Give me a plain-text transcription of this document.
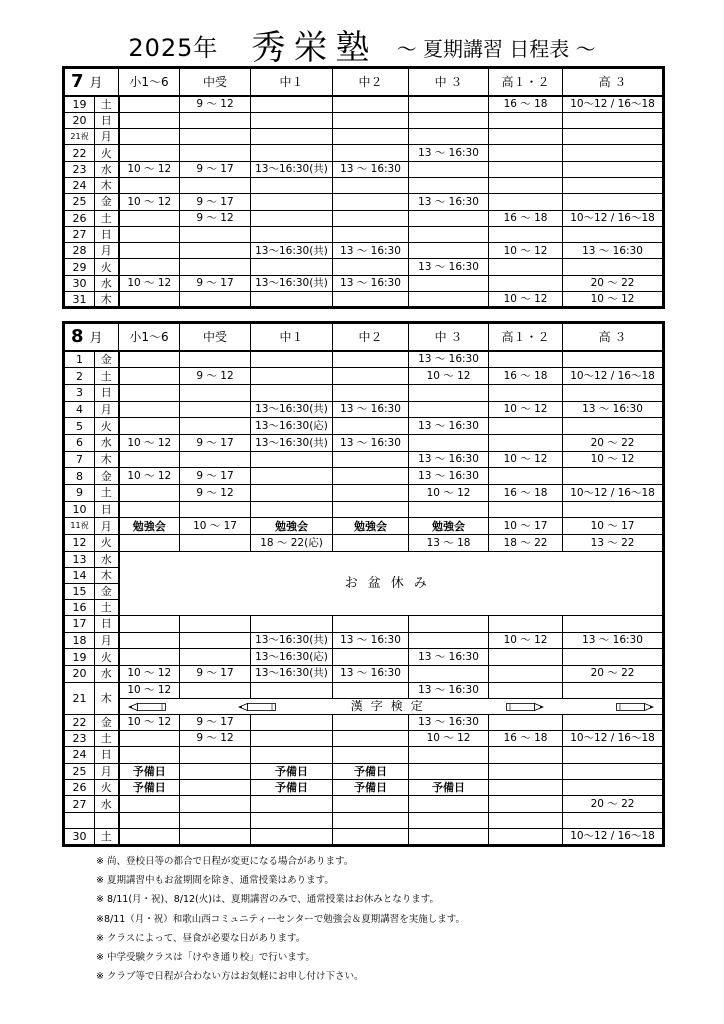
2025年 秀栄塾 ～ 夏期講習 日程表 ～
7 月		小1～6	中受	中１	中２	中 ３	高１・２	高 ３
19	土		9 ～ 12				16 ～ 18	10～12 / 16～18
20	日							
21祝	月							
22	火					13 ～ 16:30		
23	水	10 ～ 12	9 ～ 17	13～16:30(共)	13 ～ 16:30			
24	木							
25	金	10 ～ 12	9 ～ 17			13 ～ 16:30		
26	土		9 ～ 12				16 ～ 18	10～12 / 16～18
27	日							
28	月			13～16:30(共)	13 ～ 16:30		10 ～ 12	13 ～ 16:30
29	火					13 ～ 16:30		
30	水	10 ～ 12	9 ～ 17	13～16:30(共)	13 ～ 16:30			20 ～ 22
31	木						10 ～ 12	10 ～ 12
8 月		小1～6	中受	中１	中２	中 ３	高１・２	高 ３
1	金					13 ～ 16:30		
2	土		9 ～ 12			10 ～ 12	16 ～ 18	10～12 / 16～18
3	日							
4	月			13～16:30(共)	13 ～ 16:30		10 ～ 12	13 ～ 16:30
5	火			13～16:30(応)		13 ～ 16:30		
6	水	10 ～ 12	9 ～ 17	13～16:30(共)	13 ～ 16:30			20 ～ 22
7	木					13 ～ 16:30	10 ～ 12	10 ～ 12
8	金	10 ～ 12	9 ～ 17			13 ～ 16:30		
9	土		9 ～ 12			10 ～ 12	16 ～ 18	10～12 / 16～18
10	日							
11祝	月	勉強会	10 ～ 17	勉強会	勉強会	勉強会	10 ～ 17	10 ～ 17
12	火			18 ～ 22(応)		13 ～ 18	18 ～ 22	13 ～ 22
13	水	お盆休み						
14	木							
15	金							
16	土							
17	日							
18	月			13～16:30(共)	13 ～ 16:30		10 ～ 12	13 ～ 16:30
19	火			13～16:30(応)		13 ～ 16:30		
20	水	10 ～ 12	9 ～ 17	13～16:30(共)	13 ～ 16:30			20 ～ 22
21	木	10 ～ 12				13 ～ 16:30		

漢字検定						

22	金	10 ～ 12	9 ～ 17			13 ～ 16:30		
23	土		9 ～ 12			10 ～ 12	16 ～ 18	10～12 / 16～18
24	日							
25	月	予備日		予備日	予備日			
26	火	予備日		予備日	予備日	予備日		
27	水							20 ～ 22

30	土							10～12 / 16～18
※ 尚、登校日等の都合で日程が変更になる場合があります。
※ 夏期講習中もお盆期間を除き、通常授業はあります。
※ 8/11(月・祝)、8/12(火)は、夏期講習のみで、通常授業はお休みとなります。
※8/11（月・祝）和歌山西コミュニティーセンターで勉強会＆夏期講習を実施します。
※ クラスによって、昼食が必要な日があります。
※ 中学受験クラスは「けやき通り校」で行います。
※ クラブ等で日程が合わない方はお気軽にお申し付け下さい。
